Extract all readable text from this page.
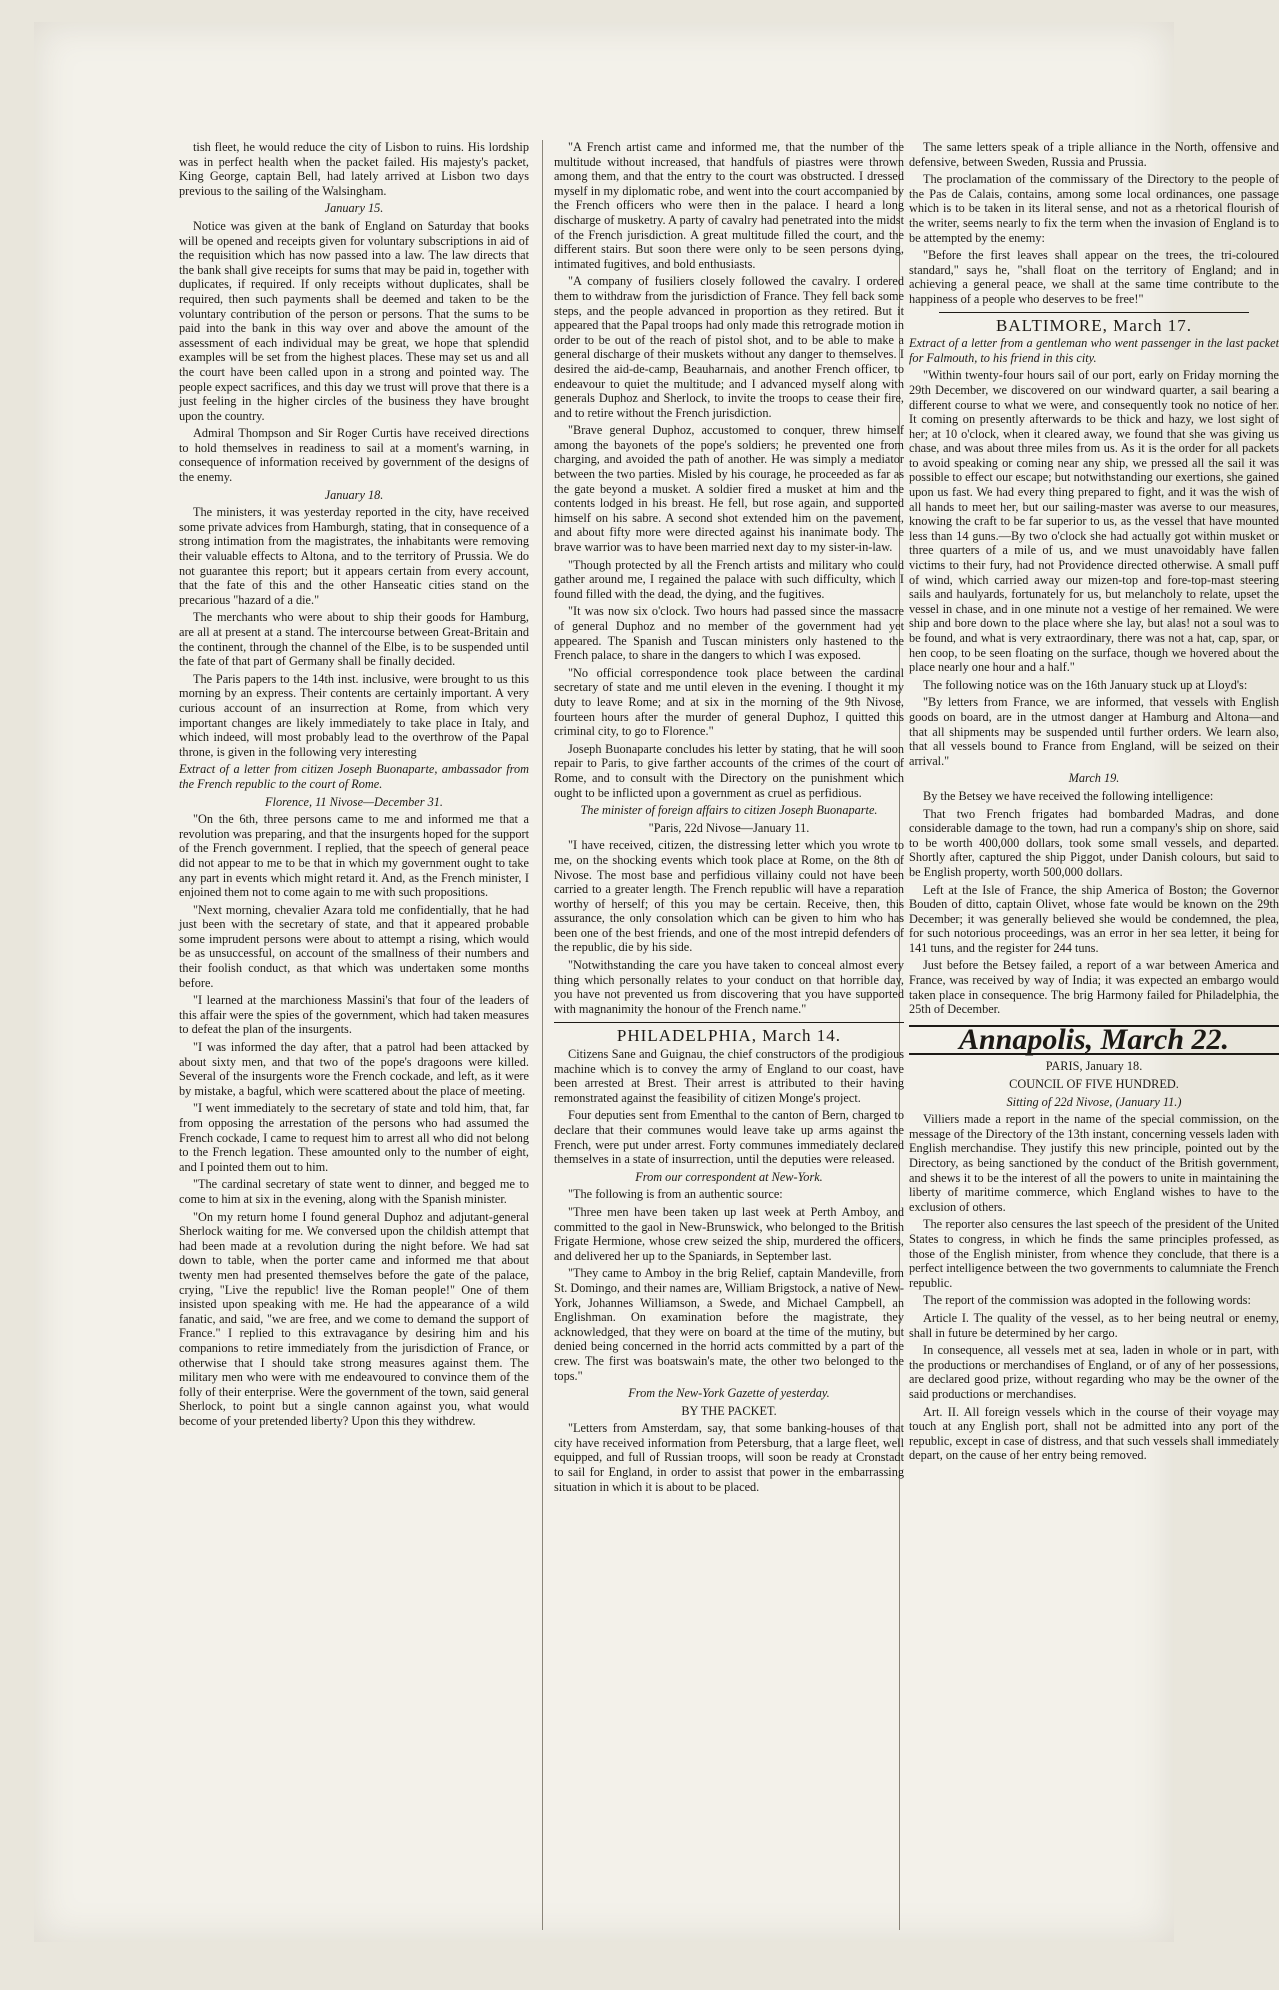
tish fleet, he would reduce the city of Lisbon to ruins. His lordship was in perfect health when the packet failed. His majesty's packet, King George, captain Bell, had lately arrived at Lisbon two days previous to the sailing of the Walsingham.

January 15.

Notice was given at the bank of England on Saturday that books will be opened and receipts given for voluntary subscriptions in aid of the requisition which has now passed into a law. The law directs that the bank shall give receipts for sums that may be paid in, together with duplicates, if required. If only receipts without duplicates, shall be required, then such payments shall be deemed and taken to be the voluntary contribution of the person or persons. That the sums to be paid into the bank in this way over and above the amount of the assessment of each individual may be great, we hope that splendid examples will be set from the highest places. These may set us and all the court have been called upon in a strong and pointed way. The people expect sacrifices, and this day we trust will prove that there is a just feeling in the higher circles of the business they have brought upon the country.

Admiral Thompson and Sir Roger Curtis have received directions to hold themselves in readiness to sail at a moment's warning, in consequence of information received by government of the designs of the enemy.

January 18.

The ministers, it was yesterday reported in the city, have received some private advices from Hamburgh, stating, that in consequence of a strong intimation from the magistrates, the inhabitants were removing their valuable effects to Altona, and to the territory of Prussia. We do not guarantee this report; but it appears certain from every account, that the fate of this and the other Hanseatic cities stand on the precarious "hazard of a die."

The merchants who were about to ship their goods for Hamburg, are all at present at a stand. The intercourse between Great-Britain and the continent, through the channel of the Elbe, is to be suspended until the fate of that part of Germany shall be finally decided.

The Paris papers to the 14th inst. inclusive, were brought to us this morning by an express. Their contents are certainly important. A very curious account of an insurrection at Rome, from which very important changes are likely immediately to take place in Italy, and which indeed, will most probably lead to the overthrow of the Papal throne, is given in the following very interesting

Extract of a letter from citizen Joseph Buonaparte, ambassador from the French republic to the court of Rome.

Florence, 11 Nivose—December 31.

"On the 6th, three persons came to me and informed me that a revolution was preparing, and that the insurgents hoped for the support of the French government. I replied, that the speech of general peace did not appear to me to be that in which my government ought to take any part in events which might retard it. And, as the French minister, I enjoined them not to come again to me with such propositions.

"Next morning, chevalier Azara told me confidentially, that he had just been with the secretary of state, and that it appeared probable some imprudent persons were about to attempt a rising, which would be as unsuccessful, on account of the smallness of their numbers and their foolish conduct, as that which was undertaken some months before.

"I learned at the marchioness Massini's that four of the leaders of this affair were the spies of the government, which had taken measures to defeat the plan of the insurgents.

"I was informed the day after, that a patrol had been attacked by about sixty men, and that two of the pope's dragoons were killed. Several of the insurgents wore the French cockade, and left, as it were by mistake, a bagful, which were scattered about the place of meeting.

"I went immediately to the secretary of state and told him, that, far from opposing the arrestation of the persons who had assumed the French cockade, I came to request him to arrest all who did not belong to the French legation. These amounted only to the number of eight, and I pointed them out to him.

"The cardinal secretary of state went to dinner, and begged me to come to him at six in the evening, along with the Spanish minister.

"On my return home I found general Duphoz and adjutant-general Sherlock waiting for me. We conversed upon the childish attempt that had been made at a revolution during the night before. We had sat down to table, when the porter came and informed me that about twenty men had presented themselves before the gate of the palace, crying, "Live the republic! live the Roman people!" One of them insisted upon speaking with me. He had the appearance of a wild fanatic, and said, "we are free, and we come to demand the support of France." I replied to this extravagance by desiring him and his companions to retire immediately from the jurisdiction of France, or otherwise that I should take strong measures against them. The military men who were with me endeavoured to convince them of the folly of their enterprise. Were the government of the town, said general Sherlock, to point but a single cannon against you, what would become of your pretended liberty? Upon this they withdrew.

"A French artist came and informed me, that the number of the multitude without increased, that handfuls of piastres were thrown among them, and that the entry to the court was obstructed. I dressed myself in my diplomatic robe, and went into the court accompanied by the French officers who were then in the palace. I heard a long discharge of musketry. A party of cavalry had penetrated into the midst of the French jurisdiction. A great multitude filled the court, and the different stairs. But soon there were only to be seen persons dying, intimated fugitives, and bold enthusiasts.

"A company of fusiliers closely followed the cavalry. I ordered them to withdraw from the jurisdiction of France. They fell back some steps, and the people advanced in proportion as they retired. But it appeared that the Papal troops had only made this retrograde motion in order to be out of the reach of pistol shot, and to be able to make a general discharge of their muskets without any danger to themselves. I desired the aid-de-camp, Beauharnais, and another French officer, to endeavour to quiet the multitude; and I advanced myself along with generals Duphoz and Sherlock, to invite the troops to cease their fire, and to retire without the French jurisdiction.

"Brave general Duphoz, accustomed to conquer, threw himself among the bayonets of the pope's soldiers; he prevented one from charging, and avoided the path of another. He was simply a mediator between the two parties. Misled by his courage, he proceeded as far as the gate beyond a musket. A soldier fired a musket at him and the contents lodged in his breast. He fell, but rose again, and supported himself on his sabre. A second shot extended him on the pavement, and about fifty more were directed against his inanimate body. The brave warrior was to have been married next day to my sister-in-law.

"Though protected by all the French artists and military who could gather around me, I regained the palace with such difficulty, which I found filled with the dead, the dying, and the fugitives.

"It was now six o'clock. Two hours had passed since the massacre of general Duphoz and no member of the government had yet appeared. The Spanish and Tuscan ministers only hastened to the French palace, to share in the dangers to which I was exposed.

"No official correspondence took place between the cardinal secretary of state and me until eleven in the evening. I thought it my duty to leave Rome; and at six in the morning of the 9th Nivose, fourteen hours after the murder of general Duphoz, I quitted this criminal city, to go to Florence."

Joseph Buonaparte concludes his letter by stating, that he will soon repair to Paris, to give farther accounts of the crimes of the court of Rome, and to consult with the Directory on the punishment which ought to be inflicted upon a government as cruel as perfidious.

The minister of foreign affairs to citizen Joseph Buonaparte.

"Paris, 22d Nivose—January 11.

"I have received, citizen, the distressing letter which you wrote to me, on the shocking events which took place at Rome, on the 8th of Nivose. The most base and perfidious villainy could not have been carried to a greater length. The French republic will have a reparation worthy of herself; of this you may be certain. Receive, then, this assurance, the only consolation which can be given to him who has been one of the best friends, and one of the most intrepid defenders of the republic, die by his side.

"Notwithstanding the care you have taken to conceal almost every thing which personally relates to your conduct on that horrible day, you have not prevented us from discovering that you have supported with magnanimity the honour of the French name."

PHILADELPHIA, March 14.

Citizens Sane and Guignau, the chief constructors of the prodigious machine which is to convey the army of England to our coast, have been arrested at Brest. Their arrest is attributed to their having remonstrated against the feasibility of citizen Monge's project.

Four deputies sent from Ementhal to the canton of Bern, charged to declare that their communes would leave take up arms against the French, were put under arrest. Forty communes immediately declared themselves in a state of insurrection, until the deputies were released.

From our correspondent at New-York.

"The following is from an authentic source:

"Three men have been taken up last week at Perth Amboy, and committed to the gaol in New-Brunswick, who belonged to the British Frigate Hermione, whose crew seized the ship, murdered the officers, and delivered her up to the Spaniards, in September last.

"They came to Amboy in the brig Relief, captain Mandeville, from St. Domingo, and their names are, William Brigstock, a native of New-York, Johannes Williamson, a Swede, and Michael Campbell, an Englishman. On examination before the magistrate, they acknowledged, that they were on board at the time of the mutiny, but denied being concerned in the horrid acts committed by a part of the crew. The first was boatswain's mate, the other two belonged to the tops."

From the New-York Gazette of yesterday.

BY THE PACKET.

"Letters from Amsterdam, say, that some banking-houses of that city have received information from Petersburg, that a large fleet, well equipped, and full of Russian troops, will soon be ready at Cronstadt to sail for England, in order to assist that power in the embarrassing situation in which it is about to be placed.

The same letters speak of a triple alliance in the North, offensive and defensive, between Sweden, Russia and Prussia.

The proclamation of the commissary of the Directory to the people of the Pas de Calais, contains, among some local ordinances, one passage which is to be taken in its literal sense, and not as a rhetorical flourish of the writer, seems nearly to fix the term when the invasion of England is to be attempted by the enemy:

"Before the first leaves shall appear on the trees, the tri-coloured standard," says he, "shall float on the territory of England; and in achieving a general peace, we shall at the same time contribute to the happiness of a people who deserves to be free!"

BALTIMORE, March 17.

Extract of a letter from a gentleman who went passenger in the last packet for Falmouth, to his friend in this city.

"Within twenty-four hours sail of our port, early on Friday morning the 29th December, we discovered on our windward quarter, a sail bearing a different course to what we were, and consequently took no notice of her. It coming on presently afterwards to be thick and hazy, we lost sight of her; at 10 o'clock, when it cleared away, we found that she was giving us chase, and was about three miles from us. As it is the order for all packets to avoid speaking or coming near any ship, we pressed all the sail it was possible to effect our escape; but notwithstanding our exertions, she gained upon us fast. We had every thing prepared to fight, and it was the wish of all hands to meet her, but our sailing-master was averse to our measures, knowing the craft to be far superior to us, as the vessel that have mounted less than 14 guns.—By two o'clock she had actually got within musket or three quarters of a mile of us, and we must unavoidably have fallen victims to their fury, had not Providence directed otherwise. A small puff of wind, which carried away our mizen-top and fore-top-mast steering sails and haulyards, fortunately for us, but melancholy to relate, upset the vessel in chase, and in one minute not a vestige of her remained. We were ship and bore down to the place where she lay, but alas! not a soul was to be found, and what is very extraordinary, there was not a hat, cap, spar, or hen coop, to be seen floating on the surface, though we hovered about the place nearly one hour and a half."

The following notice was on the 16th January stuck up at Lloyd's:

"By letters from France, we are informed, that vessels with English goods on board, are in the utmost danger at Hamburg and Altona—and that all shipments may be suspended until further orders. We learn also, that all vessels bound to France from England, will be seized on their arrival."

March 19.

By the Betsey we have received the following intelligence:

That two French frigates had bombarded Madras, and done considerable damage to the town, had run a company's ship on shore, said to be worth 400,000 dollars, took some small vessels, and departed. Shortly after, captured the ship Piggot, under Danish colours, but said to be English property, worth 500,000 dollars.

Left at the Isle of France, the ship America of Boston; the Governor Bouden of ditto, captain Olivet, whose fate would be known on the 29th December; it was generally believed she would be condemned, the plea, for such notorious proceedings, was an error in her sea letter, it being for 141 tuns, and the register for 244 tuns.

Just before the Betsey failed, a report of a war between America and France, was received by way of India; it was expected an embargo would taken place in consequence. The brig Harmony failed for Philadelphia, the 25th of December.

Annapolis, March 22.

PARIS, January 18.

COUNCIL OF FIVE HUNDRED.

Sitting of 22d Nivose, (January 11.)

Villiers made a report in the name of the special commission, on the message of the Directory of the 13th instant, concerning vessels laden with English merchandise. They justify this new principle, pointed out by the Directory, as being sanctioned by the conduct of the British government, and shews it to be the interest of all the powers to unite in maintaining the liberty of maritime commerce, which England wishes to have to the exclusion of others.

The reporter also censures the last speech of the president of the United States to congress, in which he finds the same principles professed, as those of the English minister, from whence they conclude, that there is a perfect intelligence between the two governments to calumniate the French republic.

The report of the commission was adopted in the following words:

Article I. The quality of the vessel, as to her being neutral or enemy, shall in future be determined by her cargo.

In consequence, all vessels met at sea, laden in whole or in part, with the productions or merchandises of England, or of any of her possessions, are declared good prize, without regarding who may be the owner of the said productions or merchandises.

Art. II. All foreign vessels which in the course of their voyage may touch at any English port, shall not be admitted into any port of the republic, except in case of distress, and that such vessels shall immediately depart, on the cause of her entry being removed.
